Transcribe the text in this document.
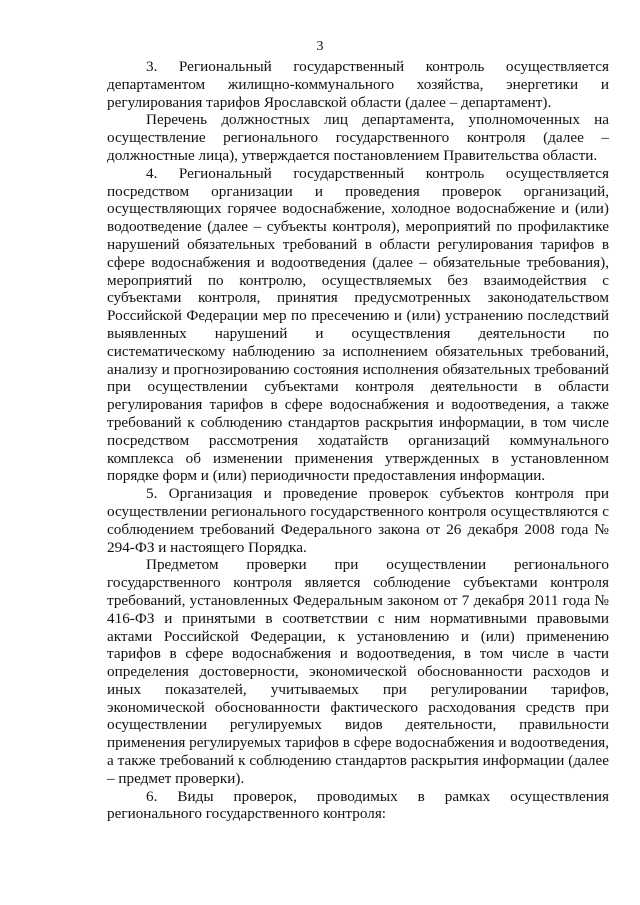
3

3. Региональный государственный контроль осуществляется департаментом жилищно-коммунального хозяйства, энергетики и регулирования тарифов Ярославской области (далее – департамент).

Перечень должностных лиц департамента, уполномоченных на осуществление регионального государственного контроля (далее – должностные лица), утверждается постановлением Правительства области.

4. Региональный государственный контроль осуществляется посредством организации и проведения проверок организаций, осуществляющих горячее водоснабжение, холодное водоснабжение и (или) водоотведение (далее – субъекты контроля), мероприятий по профилактике нарушений обязательных требований в области регулирования тарифов в сфере водоснабжения и водоотведения (далее – обязательные требования), мероприятий по контролю, осуществляемых без взаимодействия с субъектами контроля, принятия предусмотренных законодательством Российской Федерации мер по пресечению и (или) устранению последствий выявленных нарушений и осуществления деятельности по систематическому наблюдению за исполнением обязательных требований, анализу и прогнозированию состояния исполнения обязательных требований при осуществлении субъектами контроля деятельности в области регулирования тарифов в сфере водоснабжения и водоотведения, а также требований к соблюдению стандартов раскрытия информации, в том числе посредством рассмотрения ходатайств организаций коммунального комплекса об изменении применения утвержденных в установленном порядке форм и (или) периодичности предоставления информации.

5. Организация и проведение проверок субъектов контроля при осуществлении регионального государственного контроля осуществляются с соблюдением требований Федерального закона от 26 декабря 2008 года № 294-ФЗ и настоящего Порядка.

Предметом проверки при осуществлении регионального государственного контроля является соблюдение субъектами контроля требований, установленных Федеральным законом от 7 декабря 2011 года № 416-ФЗ и принятыми в соответствии с ним нормативными правовыми актами Российской Федерации, к установлению и (или) применению тарифов в сфере водоснабжения и водоотведения, в том числе в части определения достоверности, экономической обоснованности расходов и иных показателей, учитываемых при регулировании тарифов, экономической обоснованности фактического расходования средств при осуществлении регулируемых видов деятельности, правильности применения регулируемых тарифов в сфере водоснабжения и водоотведения, а также требований к соблюдению стандартов раскрытия информации (далее – предмет проверки).

6. Виды проверок, проводимых в рамках осуществления регионального государственного контроля:
